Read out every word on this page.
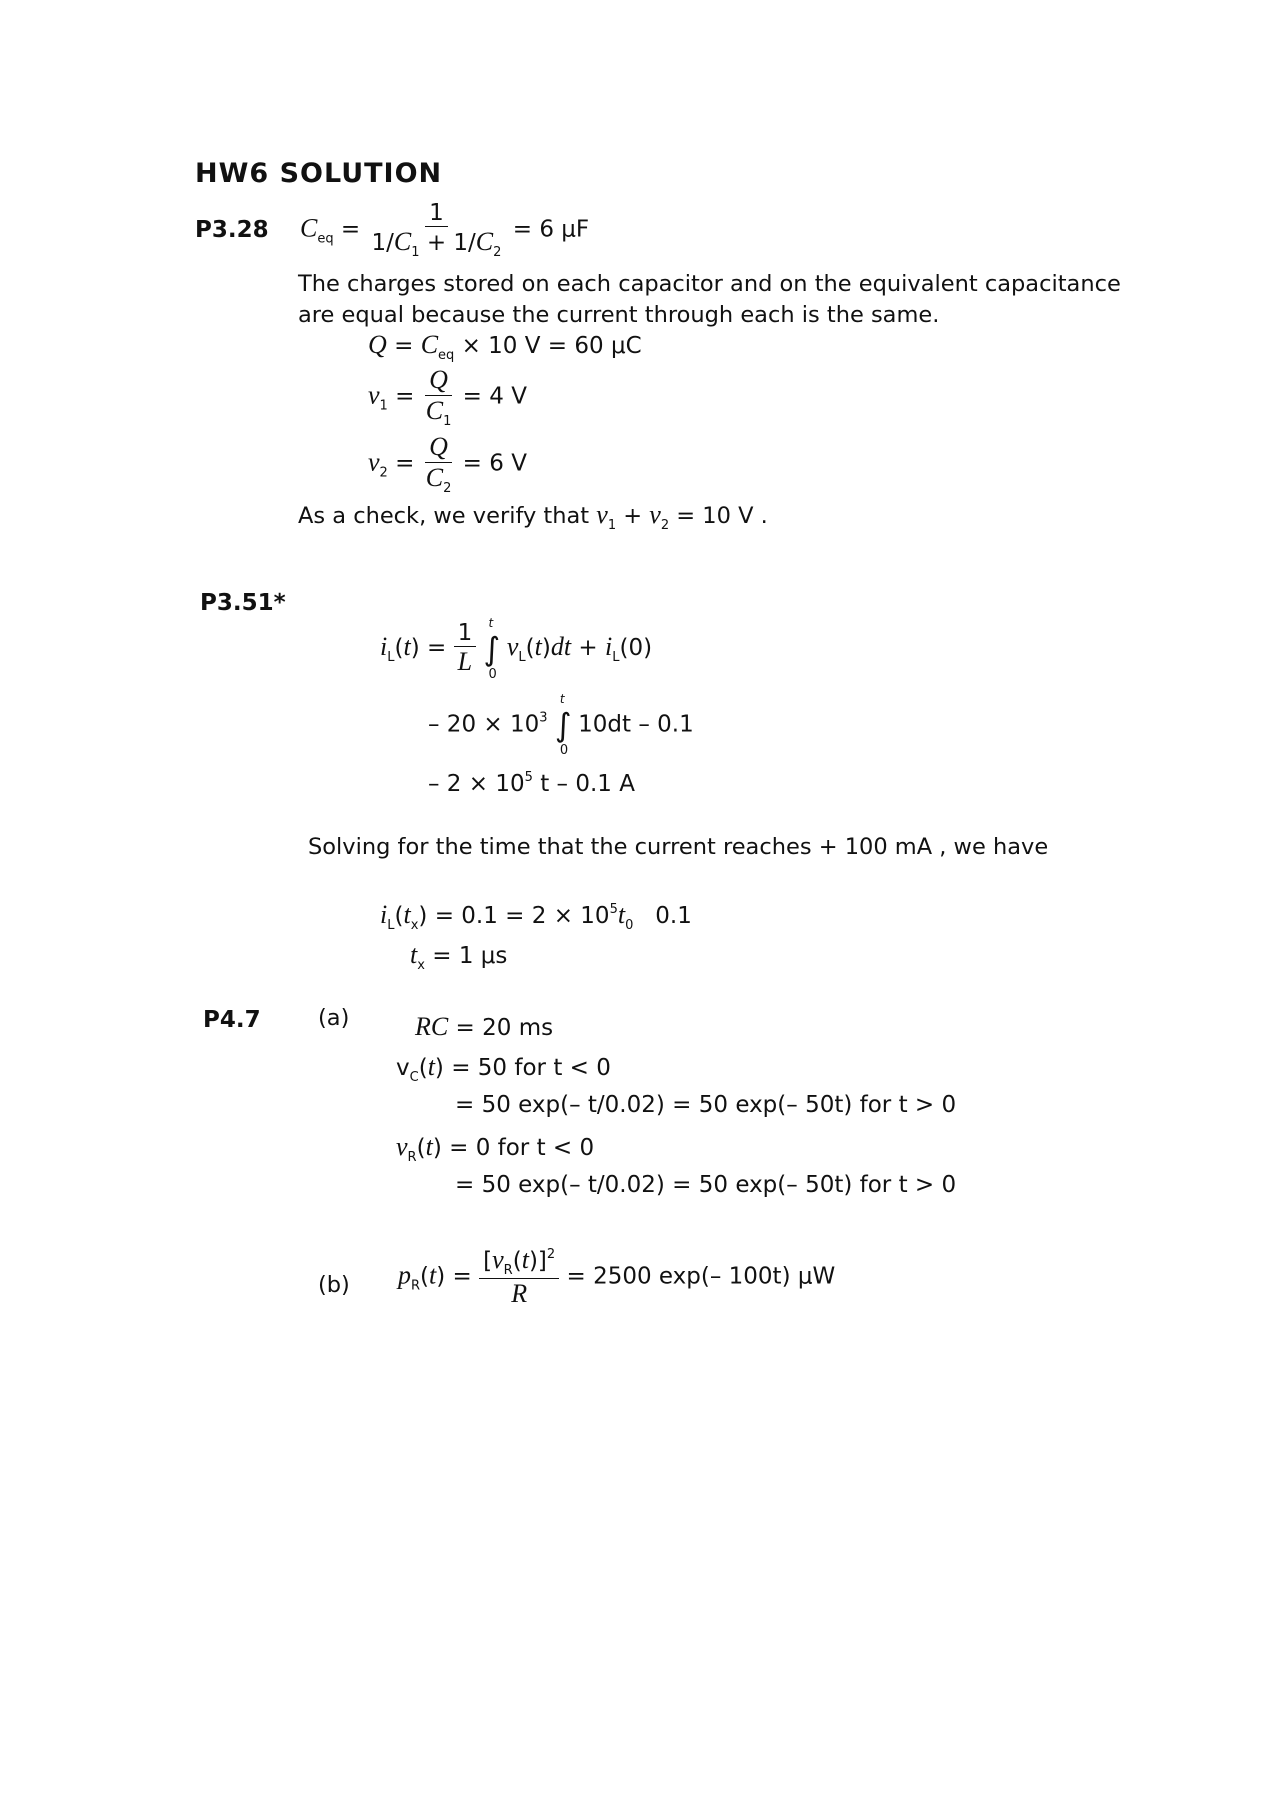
HW6 SOLUTION
P3.28 $C_{eq} = \frac{1}{1/C_1 + 1/C_2} = 6$ μF
The charges stored on each capacitor and on the equivalent capacitance
are equal because the current through each is the same.
$Q = C_{eq} \times 10$ V = 60 μC
$v_1 = \frac{Q}{C_1} = 4$ V
$v_2 = \frac{Q}{C_2} = 6$ V
As a check, we verify that $v_1 + v_2 = 10$ V .
P3.51*
$i_L(t) = \frac{1}{L}$ ∫
t
0
$v_L(t)dt + i_L(0)$
– $20 \times 10^3$ ∫
t
0
10dt – 0.1
– $2 \times 10^5$ t – 0.1 A
Solving for the time that the current reaches + 100 mA , we have
$i_L(t_x) = 0.1 = 2 \times 10^5t_0$ 0.1
$t_x = 1$ μs
P4.7	(a)	RC = 20 ms
$v_C(t) = 50$ for t < 0
= 50 exp(– t/0.02) = 50 exp(– 50t) for t > 0
$v_R(t) = 0$ for t < 0
= 50 exp(– t/0.02) = 50 exp(– 50t) for t > 0
(b) $p_R(t) = \frac{[v_R(t)]^2}{R} = 2500$ exp(– 100t) μW
